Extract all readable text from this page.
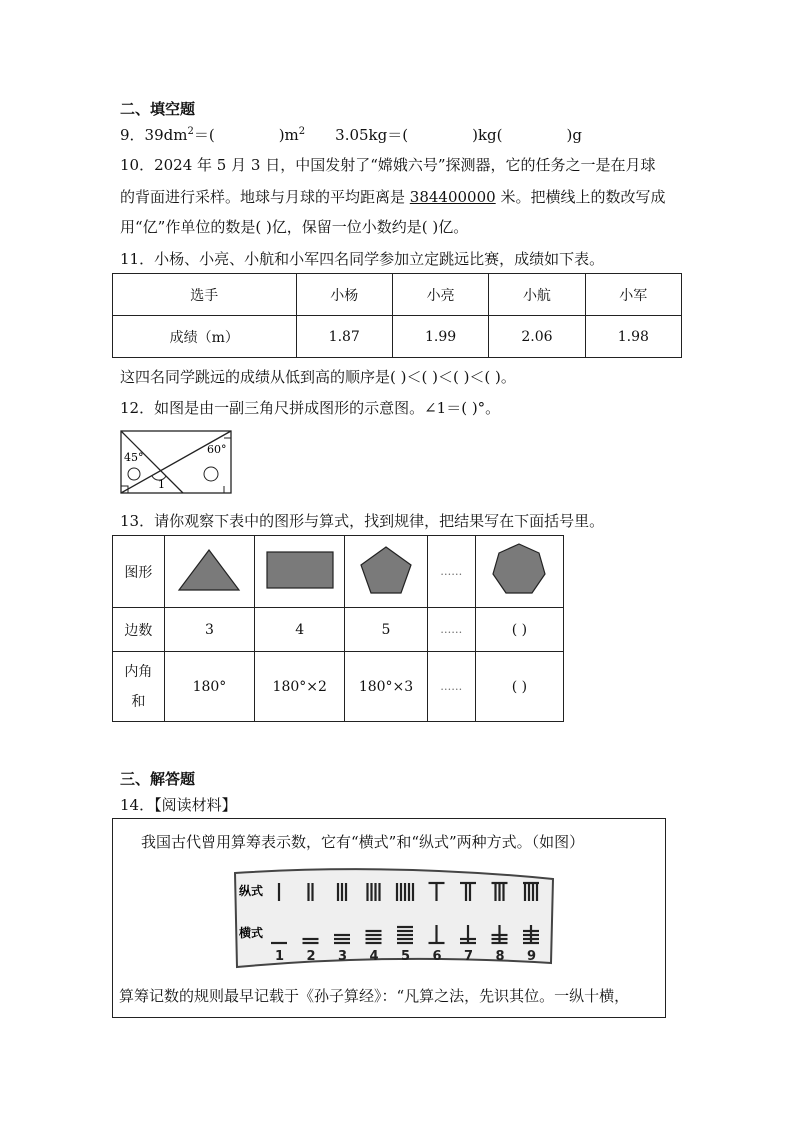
二、填空题
9．$39dm^2=$(	)$m^2$ 3.05kg＝(	)kg(	)g
10．2024 年 5 月 3 日，中国发射了“嫦娥六号”探测器，它的任务之一是在月球
的背面进行采样。地球与月球的平均距离是 384400000 米。把横线上的数改写成
用“亿”作单位的数是( )亿，保留一位小数约是( )亿。
11．小杨、小亮、小航和小军四名同学参加立定跳远比赛，成绩如下表。
选手	小杨	小亮	小航	小军
成绩（m）	1.87	1.99	2.06	1.98
这四名同学跳远的成绩从低到高的顺序是( )＜( )＜( )＜( )。
12．如图是由一副三角尺拼成图形的示意图。∠1＝( )°。
45°
60°
1
13．请你观察下表中的图形与算式，找到规律，把结果写在下面括号里。
图形				……	
边数	3	4	5	……	( )

内角
和	180°	180°×2	180°×3	……	( )
三、解答题
14．【阅读材料】
我国古代曾用算筹表示数，它有“横式”和“纵式”两种方式。（如图）
纵式
横式
1 2 3 4 5 6 7 8 9
算筹记数的规则最早记载于《孙子算经》：“凡算之法，先识其位。一纵十横，
